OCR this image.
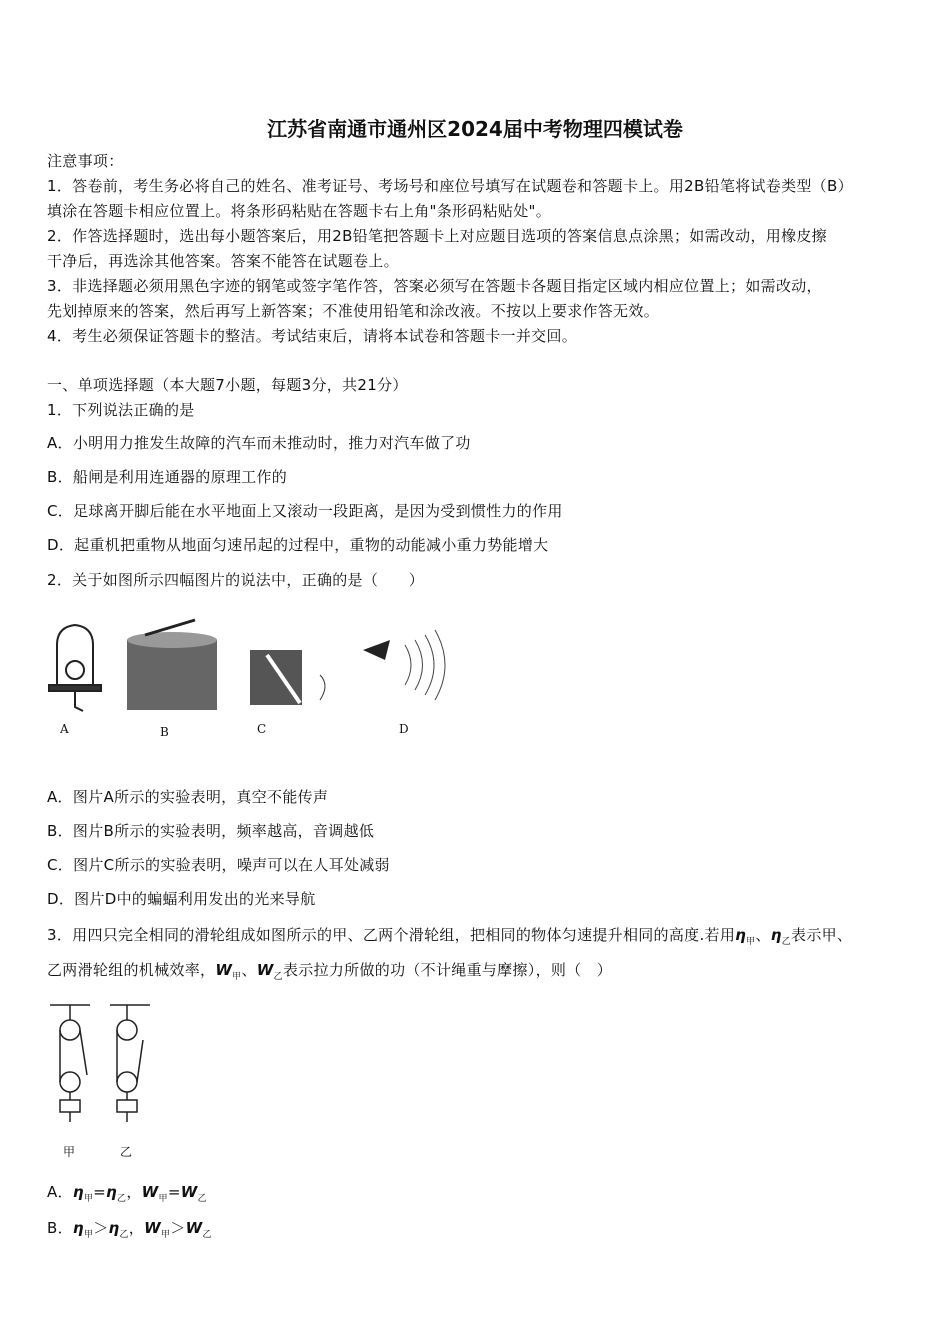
江苏省南通市通州区2024届中考物理四模试卷
注意事项：
1．答卷前，考生务必将自己的姓名、准考证号、考场号和座位号填写在试题卷和答题卡上。用2B铅笔将试卷类型（B）
填涂在答题卡相应位置上。将条形码粘贴在答题卡右上角"条形码粘贴处"。
2．作答选择题时，选出每小题答案后，用2B铅笔把答题卡上对应题目选项的答案信息点涂黑；如需改动，用橡皮擦
干净后，再选涂其他答案。答案不能答在试题卷上。
3．非选择题必须用黑色字迹的钢笔或签字笔作答，答案必须写在答题卡各题目指定区域内相应位置上；如需改动，
先划掉原来的答案，然后再写上新答案；不准使用铅笔和涂改液。不按以上要求作答无效。
4．考生必须保证答题卡的整洁。考试结束后，请将本试卷和答题卡一并交回。
一、单项选择题（本大题7小题，每题3分，共21分）
1．下列说法正确的是
A．小明用力推发生故障的汽车而未推动时，推力对汽车做了功
B．船闸是利用连通器的原理工作的
C．足球离开脚后能在水平地面上又滚动一段距离，是因为受到惯性力的作用
D．起重机把重物从地面匀速吊起的过程中，重物的动能减小重力势能增大
2．关于如图所示四幅图片的说法中，正确的是（　　）
A	B	C	D
A．图片A所示的实验表明，真空不能传声
B．图片B所示的实验表明，频率越高，音调越低
C．图片C所示的实验表明，噪声可以在人耳处减弱
D．图片D中的蝙蝠利用发出的光来导航
3．用四只完全相同的滑轮组成如图所示的甲、乙两个滑轮组，把相同的物体匀速提升相同的高度.若用$\eta_甲$、$\eta_乙$表示甲、
乙两滑轮组的机械效率，$W_甲$、$W_乙$表示拉力所做的功（不计绳重与摩擦），则（　）
甲	乙
A．$\eta_甲=\eta_乙$，$W_甲=W_乙$
B．$\eta_甲>\eta_乙$，$W_甲>W_乙$
